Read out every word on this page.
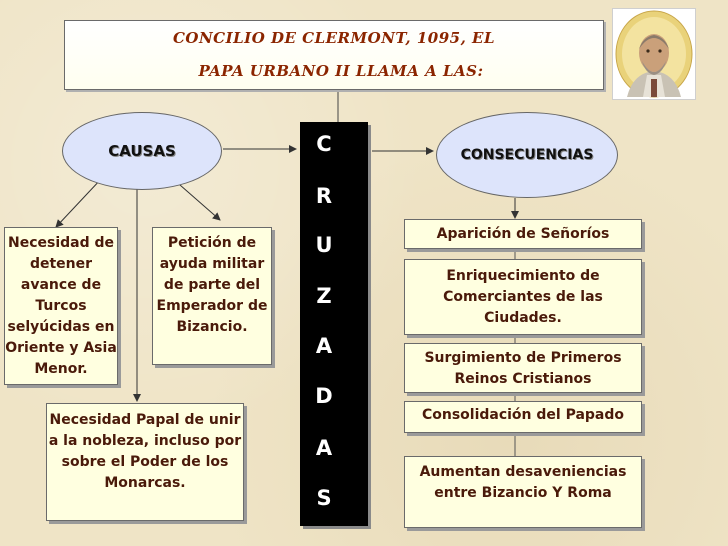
CONCILIO DE CLERMONT, 1095, EL
PAPA URBANO II LLAMA A LAS:
CAUSAS	CONSECUENCIAS
C
R
U
Z
A
D
A
S
Necesidad de
detener
avance de
Turcos
selyúcidas en
Oriente y Asia
Menor.
Petición de
ayuda militar
de parte del
Emperador de
Bizancio.
Necesidad Papal de unir
a la nobleza, incluso por
sobre el Poder de los
Monarcas.
Aparición de Señoríos
Enriquecimiento de
Comerciantes de las
Ciudades.
Surgimiento de Primeros
Reinos Cristianos
Consolidación del Papado
Aumentan desaveniencias
entre Bizancio Y Roma
